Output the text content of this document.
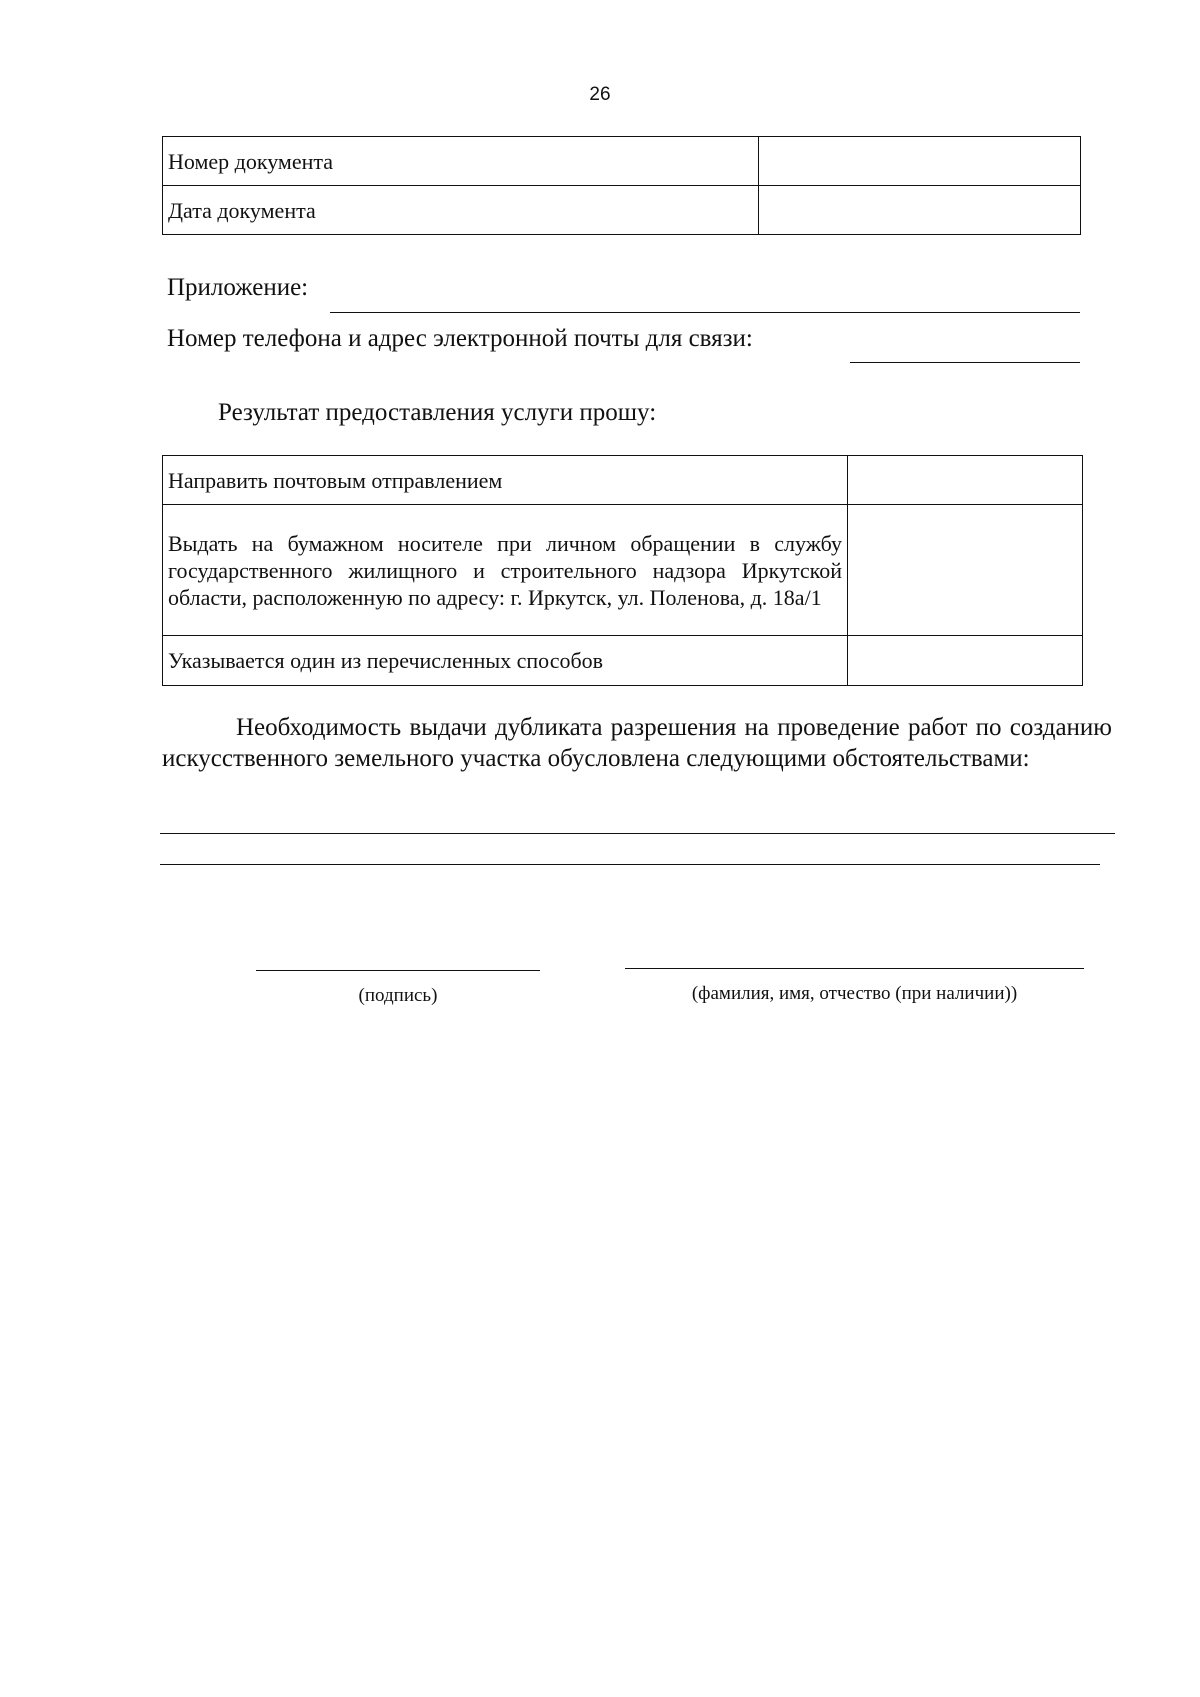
26
Номер документа	
Дата документа	
Приложение:
Номер телефона и адрес электронной почты для связи:
Результат предоставления услуги прошу:
Направить почтовым отправлением	
Выдать на бумажном носителе при личном обращении в службу государственного жилищного и строительного надзора Иркутской области, расположенную по адресу: г. Иркутск, ул. Поленова, д. 18а/1	
Указывается один из перечисленных способов	
Необходимость выдачи дубликата разрешения на проведение работ по созданию искусственного земельного участка обусловлена следующими обстоятельствами:
(подпись)	(фамилия, имя, отчество (при наличии))
